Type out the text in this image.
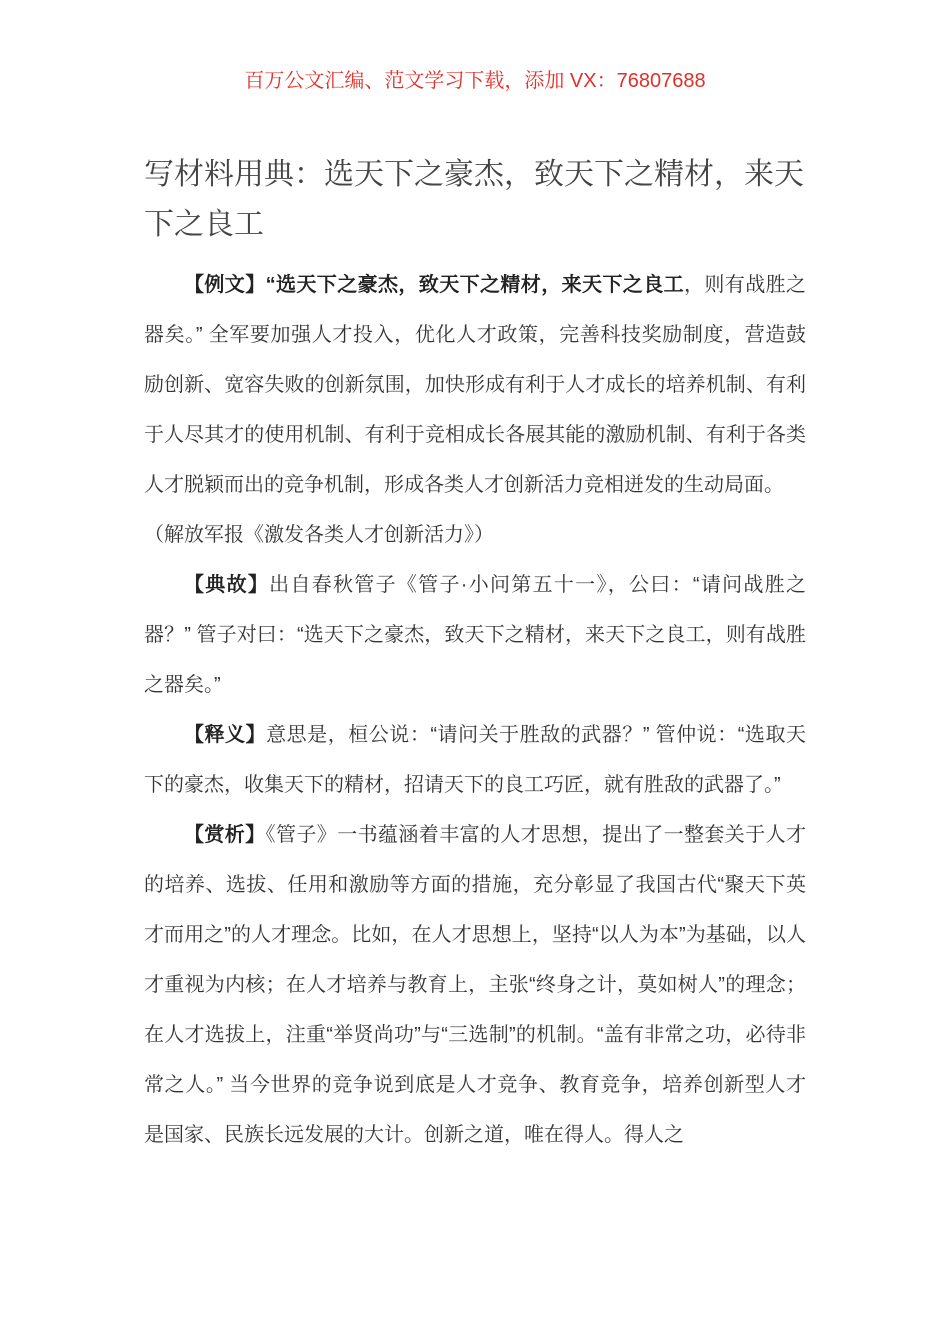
百万公文汇编、范文学习下载，添加 VX：76807688
写材料用典：选天下之豪杰，致天下之精材，来天下之良工

【例文】“选天下之豪杰，致天下之精材，来天下之良工，则有战胜之器矣。” 全军要加强人才投入，优化人才政策，完善科技奖励制度，营造鼓励创新、宽容失败的创新氛围，加快形成有利于人才成长的培养机制、有利于人尽其才的使用机制、有利于竞相成长各展其能的激励机制、有利于各类人才脱颖而出的竞争机制，形成各类人才创新活力竞相迸发的生动局面。

（解放军报《激发各类人才创新活力》）

【典故】出自春秋管子《管子·小问第五十一》，公曰：“请问战胜之器？” 管子对曰：“选天下之豪杰，致天下之精材，来天下之良工，则有战胜之器矣。”

【释义】意思是，桓公说：“请问关于胜敌的武器？” 管仲说：“选取天下的豪杰，收集天下的精材，招请天下的良工巧匠，就有胜敌的武器了。”

【赏析】《管子》一书蕴涵着丰富的人才思想，提出了一整套关于人才的培养、选拔、任用和激励等方面的措施，充分彰显了我国古代“聚天下英才而用之”的人才理念。比如，在人才思想上，坚持“以人为本”为基础，以人才重视为内核；在人才培养与教育上，主张“终身之计，莫如树人”的理念；在人才选拔上，注重“举贤尚功”与“三选制”的机制。“盖有非常之功，必待非常之人。” 当今世界的竞争说到底是人才竞争、教育竞争，培养创新型人才是国家、民族长远发展的大计。创新之道，唯在得人。得人之
